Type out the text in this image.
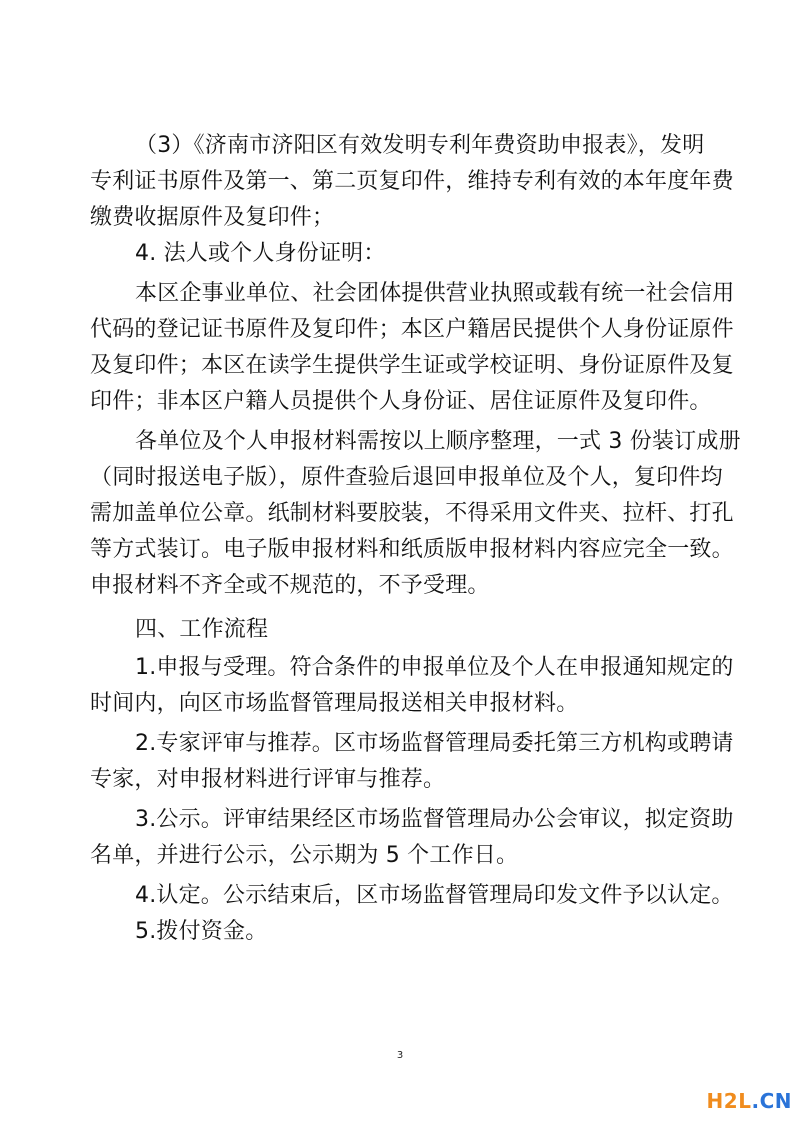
（3）《济南市济阳区有效发明专利年费资助申报表》，发明
专利证书原件及第一、第二页复印件，维持专利有效的本年度年费
缴费收据原件及复印件；
4. 法人或个人身份证明：
本区企事业单位、社会团体提供营业执照或载有统一社会信用
代码的登记证书原件及复印件；本区户籍居民提供个人身份证原件
及复印件；本区在读学生提供学生证或学校证明、身份证原件及复
印件；非本区户籍人员提供个人身份证、居住证原件及复印件。
各单位及个人申报材料需按以上顺序整理，一式 3 份装订成册
（同时报送电子版），原件查验后退回申报单位及个人，复印件均
需加盖单位公章。纸制材料要胶装，不得采用文件夹、拉杆、打孔
等方式装订。电子版申报材料和纸质版申报材料内容应完全一致。
申报材料不齐全或不规范的，不予受理。
四、工作流程
1.申报与受理。符合条件的申报单位及个人在申报通知规定的
时间内，向区市场监督管理局报送相关申报材料。
2.专家评审与推荐。区市场监督管理局委托第三方机构或聘请
专家，对申报材料进行评审与推荐。
3.公示。评审结果经区市场监督管理局办公会审议，拟定资助
名单，并进行公示，公示期为 5 个工作日。
4.认定。公示结束后，区市场监督管理局印发文件予以认定。
5.拨付资金。
3
H 2 L . CN
